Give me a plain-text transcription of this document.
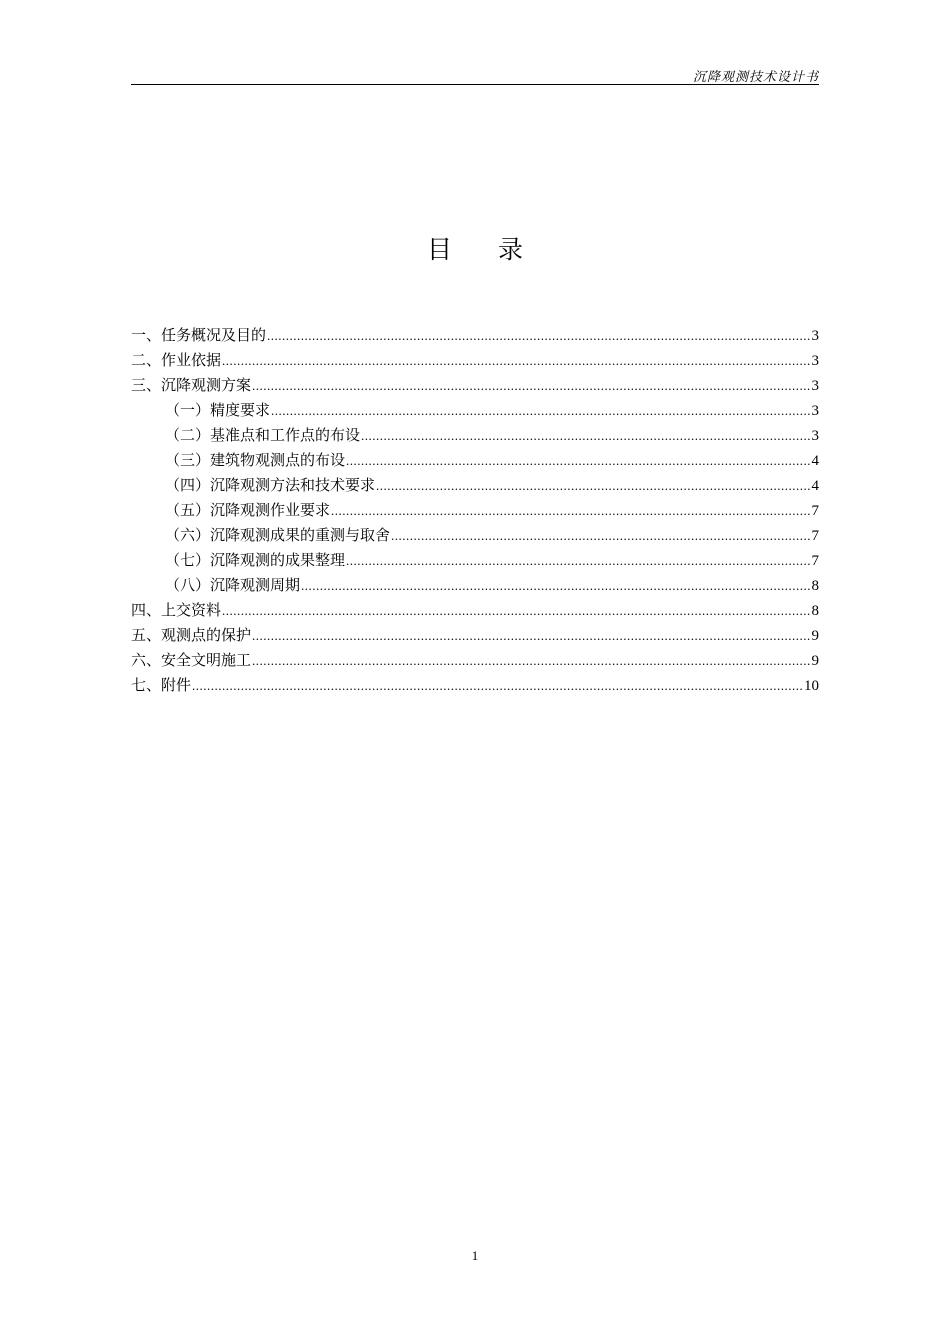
沉降观测技术设计书
目录
一、任务概况及目的 .....	3
二、作业依据 .....	3
三、沉降观测方案 .....	3
（一）精度要求 .....	3
（二）基准点和工作点的布设 .....	3
（三）建筑物观测点的布设 .....	4
（四）沉降观测方法和技术要求 .....	4
（五）沉降观测作业要求 .....	7
（六）沉降观测成果的重测与取舍 .....	7
（七）沉降观测的成果整理 .....	7
（八）沉降观测周期 .....	8
四、上交资料 .....	8
五、观测点的保护 .....	9
六、安全文明施工 .....	9
七、附件 .....	10
1
